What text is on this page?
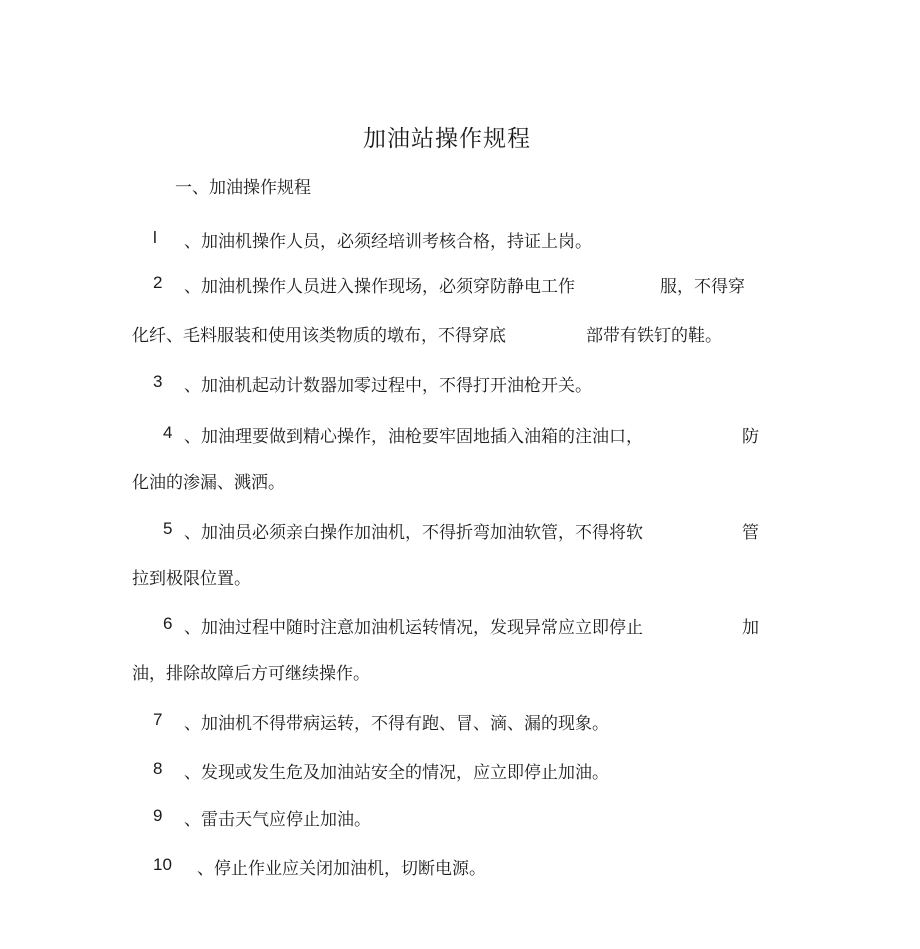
加油站操作规程
一、加油操作规程
l 、加油机操作人员，必须经培训考核合格，持证上岗。
2 、加油机操作人员进入操作现场，必须穿防静电工作	服，不得穿
化纤、毛料服装和使用该类物质的墩布，不得穿底	部带有铁钉的鞋。
3 、加油机起动计数器加零过程中，不得打开油枪开关。
4 、加油理要做到精心操作，油枪要牢固地插入油箱的注油口，	防
化油的渗漏、溅洒。
5 、加油员必须亲白操作加油机，不得折弯加油软管，不得将软	管
拉到极限位置。
6 、加油过程中随时注意加油机运转情况，发现异常应立即停止	加
油，排除故障后方可继续操作。
7 、加油机不得带病运转，不得有跑、冒、滴、漏的现象。
8 、发现或发生危及加油站安全的情况，应立即停止加油。
9 、雷击天气应停止加油。
10 、停止作业应关闭加油机，切断电源。
